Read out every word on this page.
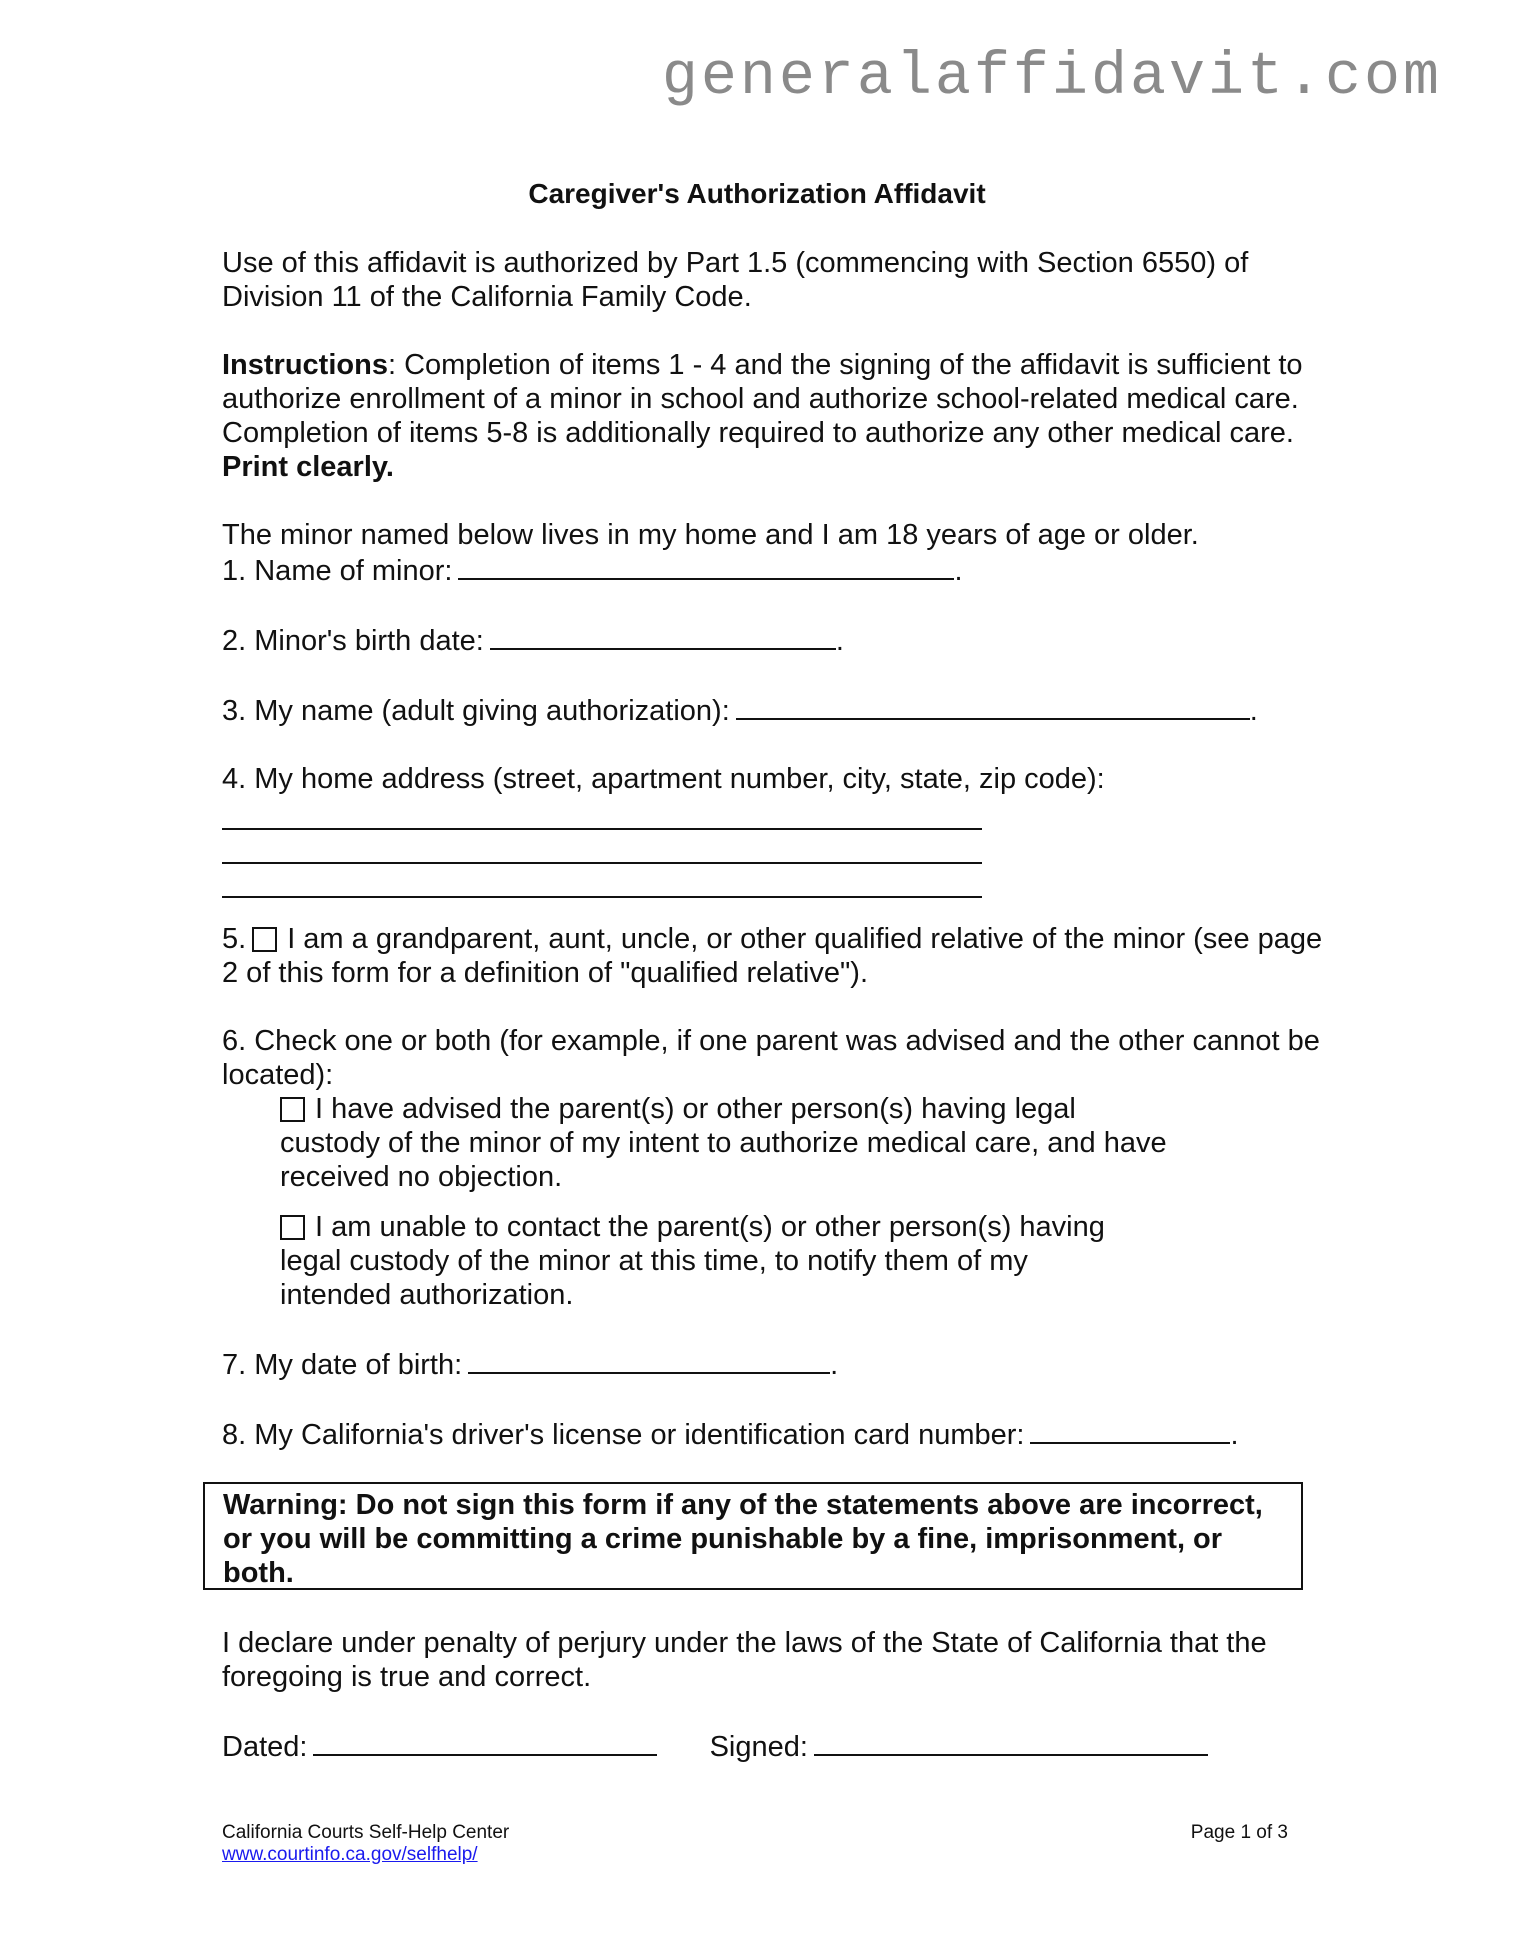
generalaffidavit.com
Caregiver's Authorization Affidavit

Use of this affidavit is authorized by Part 1.5 (commencing with Section 6550) of Division 11 of the California Family Code.

Instructions: Completion of items 1 - 4 and the signing of the affidavit is sufficient to authorize enrollment of a minor in school and authorize school-related medical care. Completion of items 5-8 is additionally required to authorize any other medical care. Print clearly.

The minor named below lives in my home and I am 18 years of age or older.

1. Name of minor:	.

2. Minor's birth date:	.

3. My name (adult giving authorization):	.

4. My home address (street, apartment number, city, state, zip code):

5. I am a grandparent, aunt, uncle, or other qualified relative of the minor (see page 2 of this form for a definition of "qualified relative").

6. Check one or both (for example, if one parent was advised and the other cannot be located):

I have advised the parent(s) or other person(s) having legal custody of the minor of my intent to authorize medical care, and have received no objection.

I am unable to contact the parent(s) or other person(s) having legal custody of the minor at this time, to notify them of my intended authorization.

7. My date of birth:	.

8. My California's driver's license or identification card number:	.

Warning: Do not sign this form if any of the statements above are incorrect, or you will be committing a crime punishable by a fine, imprisonment, or both.

I declare under penalty of perjury under the laws of the State of California that the foregoing is true and correct.

Dated:	Signed:
California Courts Self-Help Center
www.courtinfo.ca.gov/selfhelp/
Page 1 of 3
